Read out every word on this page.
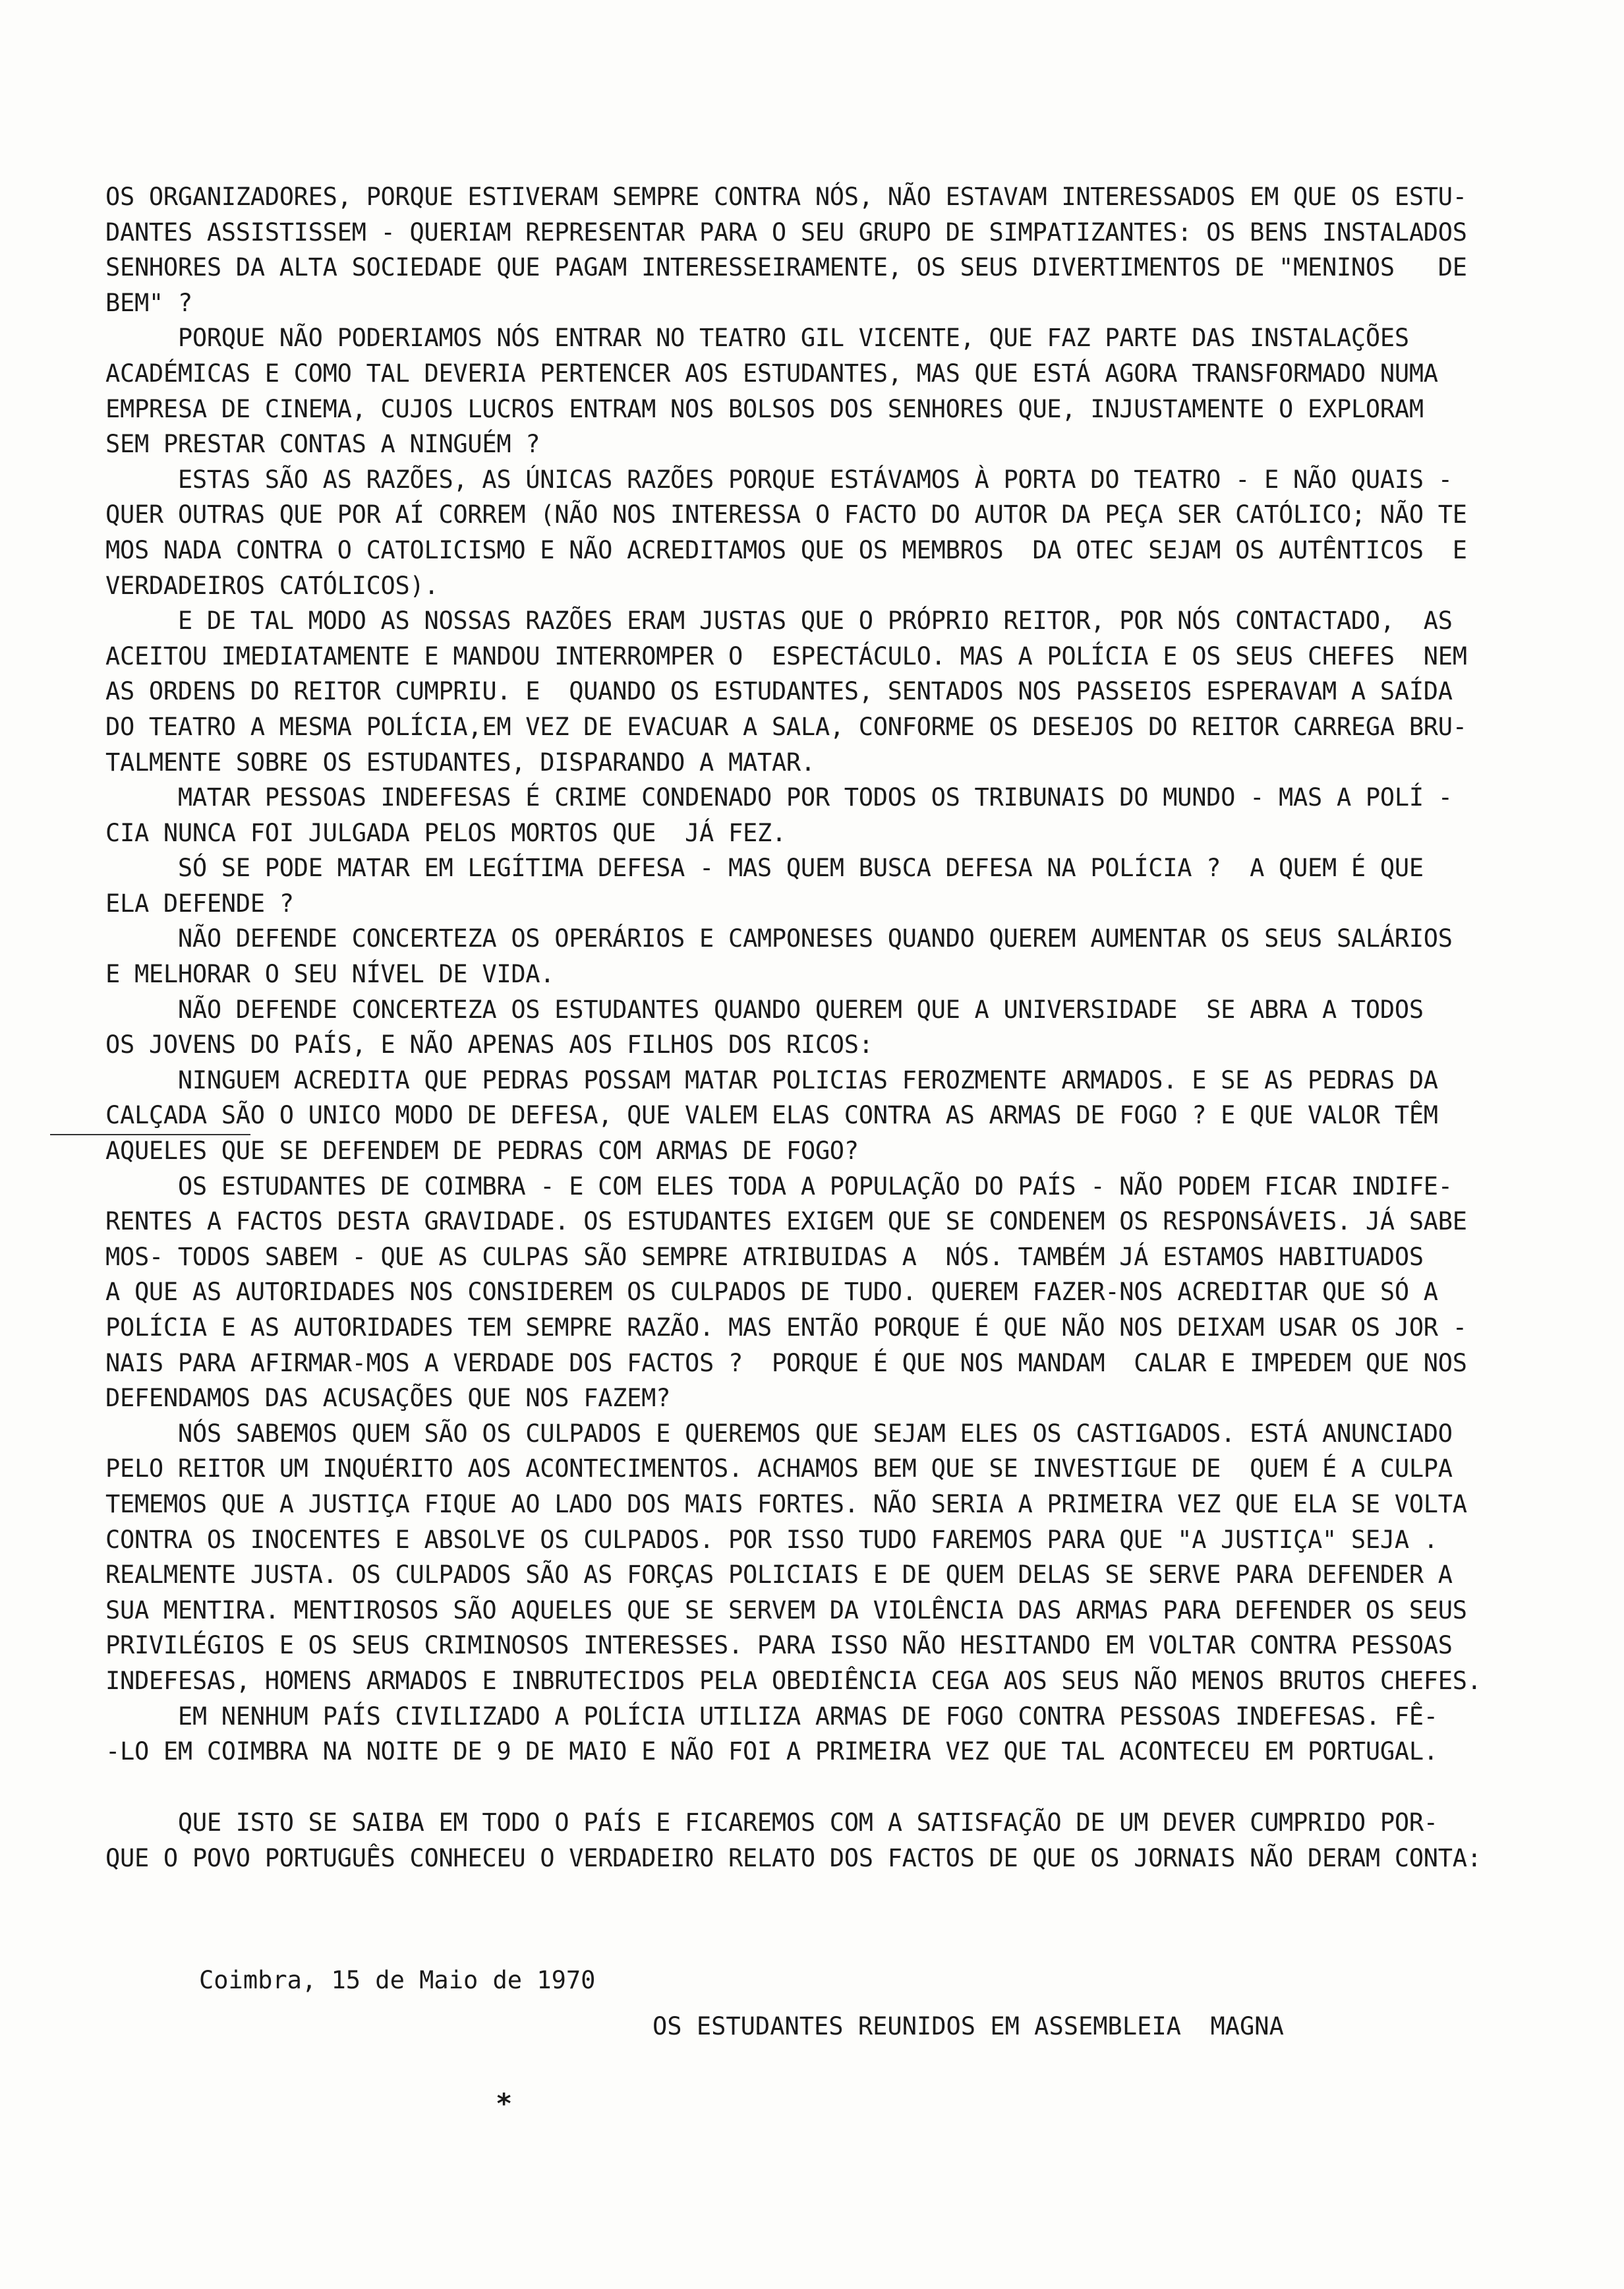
OS ORGANIZADORES, PORQUE ESTIVERAM SEMPRE CONTRA NÓS, NÃO ESTAVAM INTERESSADOS EM QUE OS ESTU-
DANTES ASSISTISSEM - QUERIAM REPRESENTAR PARA O SEU GRUPO DE SIMPATIZANTES: OS BENS INSTALADOS
SENHORES DA ALTA SOCIEDADE QUE PAGAM INTERESSEIRAMENTE, OS SEUS DIVERTIMENTOS DE "MENINOS   DE
BEM" ?
PORQUE NÃO PODERIAMOS NÓS ENTRAR NO TEATRO GIL VICENTE, QUE FAZ PARTE DAS INSTALAÇÕES
ACADÉMICAS E COMO TAL DEVERIA PERTENCER AOS ESTUDANTES, MAS QUE ESTÁ AGORA TRANSFORMADO NUMA
EMPRESA DE CINEMA, CUJOS LUCROS ENTRAM NOS BOLSOS DOS SENHORES QUE, INJUSTAMENTE O EXPLORAM
SEM PRESTAR CONTAS A NINGUÉM ?
ESTAS SÃO AS RAZÕES, AS ÚNICAS RAZÕES PORQUE ESTÁVAMOS À PORTA DO TEATRO - E NÃO QUAIS -
QUER OUTRAS QUE POR AÍ CORREM (NÃO NOS INTERESSA O FACTO DO AUTOR DA PEÇA SER CATÓLICO; NÃO TE
MOS NADA CONTRA O CATOLICISMO E NÃO ACREDITAMOS QUE OS MEMBROS  DA OTEC SEJAM OS AUTÊNTICOS  E
VERDADEIROS CATÓLICOS).
E DE TAL MODO AS NOSSAS RAZÕES ERAM JUSTAS QUE O PRÓPRIO REITOR, POR NÓS CONTACTADO,  AS
ACEITOU IMEDIATAMENTE E MANDOU INTERROMPER O  ESPECTÁCULO. MAS A POLÍCIA E OS SEUS CHEFES  NEM
AS ORDENS DO REITOR CUMPRIU. E  QUANDO OS ESTUDANTES, SENTADOS NOS PASSEIOS ESPERAVAM A SAÍDA
DO TEATRO A MESMA POLÍCIA,EM VEZ DE EVACUAR A SALA, CONFORME OS DESEJOS DO REITOR CARREGA BRU-
TALMENTE SOBRE OS ESTUDANTES, DISPARANDO A MATAR.
MATAR PESSOAS INDEFESAS É CRIME CONDENADO POR TODOS OS TRIBUNAIS DO MUNDO - MAS A POLÍ -
CIA NUNCA FOI JULGADA PELOS MORTOS QUE  JÁ FEZ.
SÓ SE PODE MATAR EM LEGÍTIMA DEFESA - MAS QUEM BUSCA DEFESA NA POLÍCIA ?  A QUEM É QUE
ELA DEFENDE ?
NÃO DEFENDE CONCERTEZA OS OPERÁRIOS E CAMPONESES QUANDO QUEREM AUMENTAR OS SEUS SALÁRIOS
E MELHORAR O SEU NÍVEL DE VIDA.
NÃO DEFENDE CONCERTEZA OS ESTUDANTES QUANDO QUEREM QUE A UNIVERSIDADE  SE ABRA A TODOS
OS JOVENS DO PAÍS, E NÃO APENAS AOS FILHOS DOS RICOS:
NINGUEM ACREDITA QUE PEDRAS POSSAM MATAR POLICIAS FEROZMENTE ARMADOS. E SE AS PEDRAS DA
CALÇADA SÃO O UNICO MODO DE DEFESA, QUE VALEM ELAS CONTRA AS ARMAS DE FOGO ? E QUE VALOR TÊM
AQUELES QUE SE DEFENDEM DE PEDRAS COM ARMAS DE FOGO?
OS ESTUDANTES DE COIMBRA - E COM ELES TODA A POPULAÇÃO DO PAÍS - NÃO PODEM FICAR INDIFE-
RENTES A FACTOS DESTA GRAVIDADE. OS ESTUDANTES EXIGEM QUE SE CONDENEM OS RESPONSÁVEIS. JÁ SABE
MOS- TODOS SABEM - QUE AS CULPAS SÃO SEMPRE ATRIBUIDAS A  NÓS. TAMBÉM JÁ ESTAMOS HABITUADOS
A QUE AS AUTORIDADES NOS CONSIDEREM OS CULPADOS DE TUDO. QUEREM FAZER-NOS ACREDITAR QUE SÓ A
POLÍCIA E AS AUTORIDADES TEM SEMPRE RAZÃO. MAS ENTÃO PORQUE É QUE NÃO NOS DEIXAM USAR OS JOR -
NAIS PARA AFIRMAR-MOS A VERDADE DOS FACTOS ?  PORQUE É QUE NOS MANDAM  CALAR E IMPEDEM QUE NOS
DEFENDAMOS DAS ACUSAÇÕES QUE NOS FAZEM?
NÓS SABEMOS QUEM SÃO OS CULPADOS E QUEREMOS QUE SEJAM ELES OS CASTIGADOS. ESTÁ ANUNCIADO
PELO REITOR UM INQUÉRITO AOS ACONTECIMENTOS. ACHAMOS BEM QUE SE INVESTIGUE DE  QUEM É A CULPA
TEMEMOS QUE A JUSTIÇA FIQUE AO LADO DOS MAIS FORTES. NÃO SERIA A PRIMEIRA VEZ QUE ELA SE VOLTA
CONTRA OS INOCENTES E ABSOLVE OS CULPADOS. POR ISSO TUDO FAREMOS PARA QUE "A JUSTIÇA" SEJA .
REALMENTE JUSTA. OS CULPADOS SÃO AS FORÇAS POLICIAIS E DE QUEM DELAS SE SERVE PARA DEFENDER A
SUA MENTIRA. MENTIROSOS SÃO AQUELES QUE SE SERVEM DA VIOLÊNCIA DAS ARMAS PARA DEFENDER OS SEUS
PRIVILÉGIOS E OS SEUS CRIMINOSOS INTERESSES. PARA ISSO NÃO HESITANDO EM VOLTAR CONTRA PESSOAS
INDEFESAS, HOMENS ARMADOS E INBRUTECIDOS PELA OBEDIÊNCIA CEGA AOS SEUS NÃO MENOS BRUTOS CHEFES.
EM NENHUM PAÍS CIVILIZADO A POLÍCIA UTILIZA ARMAS DE FOGO CONTRA PESSOAS INDEFESAS. FÊ-
-LO EM COIMBRA NA NOITE DE 9 DE MAIO E NÃO FOI A PRIMEIRA VEZ QUE TAL ACONTECEU EM PORTUGAL.
QUE ISTO SE SAIBA EM TODO O PAÍS E FICAREMOS COM A SATISFAÇÃO DE UM DEVER CUMPRIDO POR-
QUE O POVO PORTUGUÊS CONHECEU O VERDADEIRO RELATO DOS FACTOS DE QUE OS JORNAIS NÃO DERAM CONTA:
Coimbra, 15 de Maio de 1970
OS ESTUDANTES REUNIDOS EM ASSEMBLEIA  MAGNA
*
